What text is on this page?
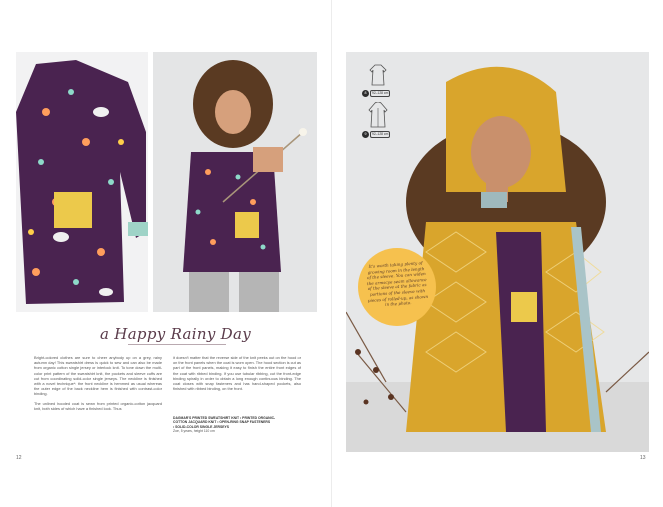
a Happy Rainy Day

Bright-colored clothes are sure to cheer anybody up on a grey, rainy autumn day! This sweatshirt dress is quick to sew and can also be made from organic cotton single jersey or interlock knit. To tone down the multi-color print pattern of the sweatshirt knit, the pockets and sleeve cuffs are cut from coordinating solid-color single jerseys. The neckline is finished with a novel technique*: the front neckline is hemmed as usual whereas the outer edge of the back neckline hem is finished with contrast-color binding.

The unlined hooded coat is sewn from printed organic-cotton jacquard knit, both sides of which have a finished look. Thus

it doesn't matter that the reverse side of the knit peeks out on the hood or on the front panels when the coat is worn open. The hood section is cut as part of the front panels, making it easy to finish the entire front edges of the coat with ribbed binding. If you use tubular ribbing, cut the front-edge binding spirally in order to obtain a long enough continuous binding. The coat closes with snap fasteners and has hand-shaped pockets, also finished with ribbed binding, on the front.

DAGMAR'S PRINTED SWEATSHIRT KNIT • PRINTED ORGANIC-
COTTON JACQUARD KNIT • OPEN-RING SNAP FASTENERS
• SOLID-COLOR SINGLE JERSEYS
Zoe, 5 years, height 110 cm
12	13
8 92–128 cm
9 92–128 cm
It's worth taking plenty of growing room in the length of the sleeve. You can widen the armscye seam allowance of the sleeve at the fabric as portions of the sleeve with pieces of rolled-up, as shown in the photo.
